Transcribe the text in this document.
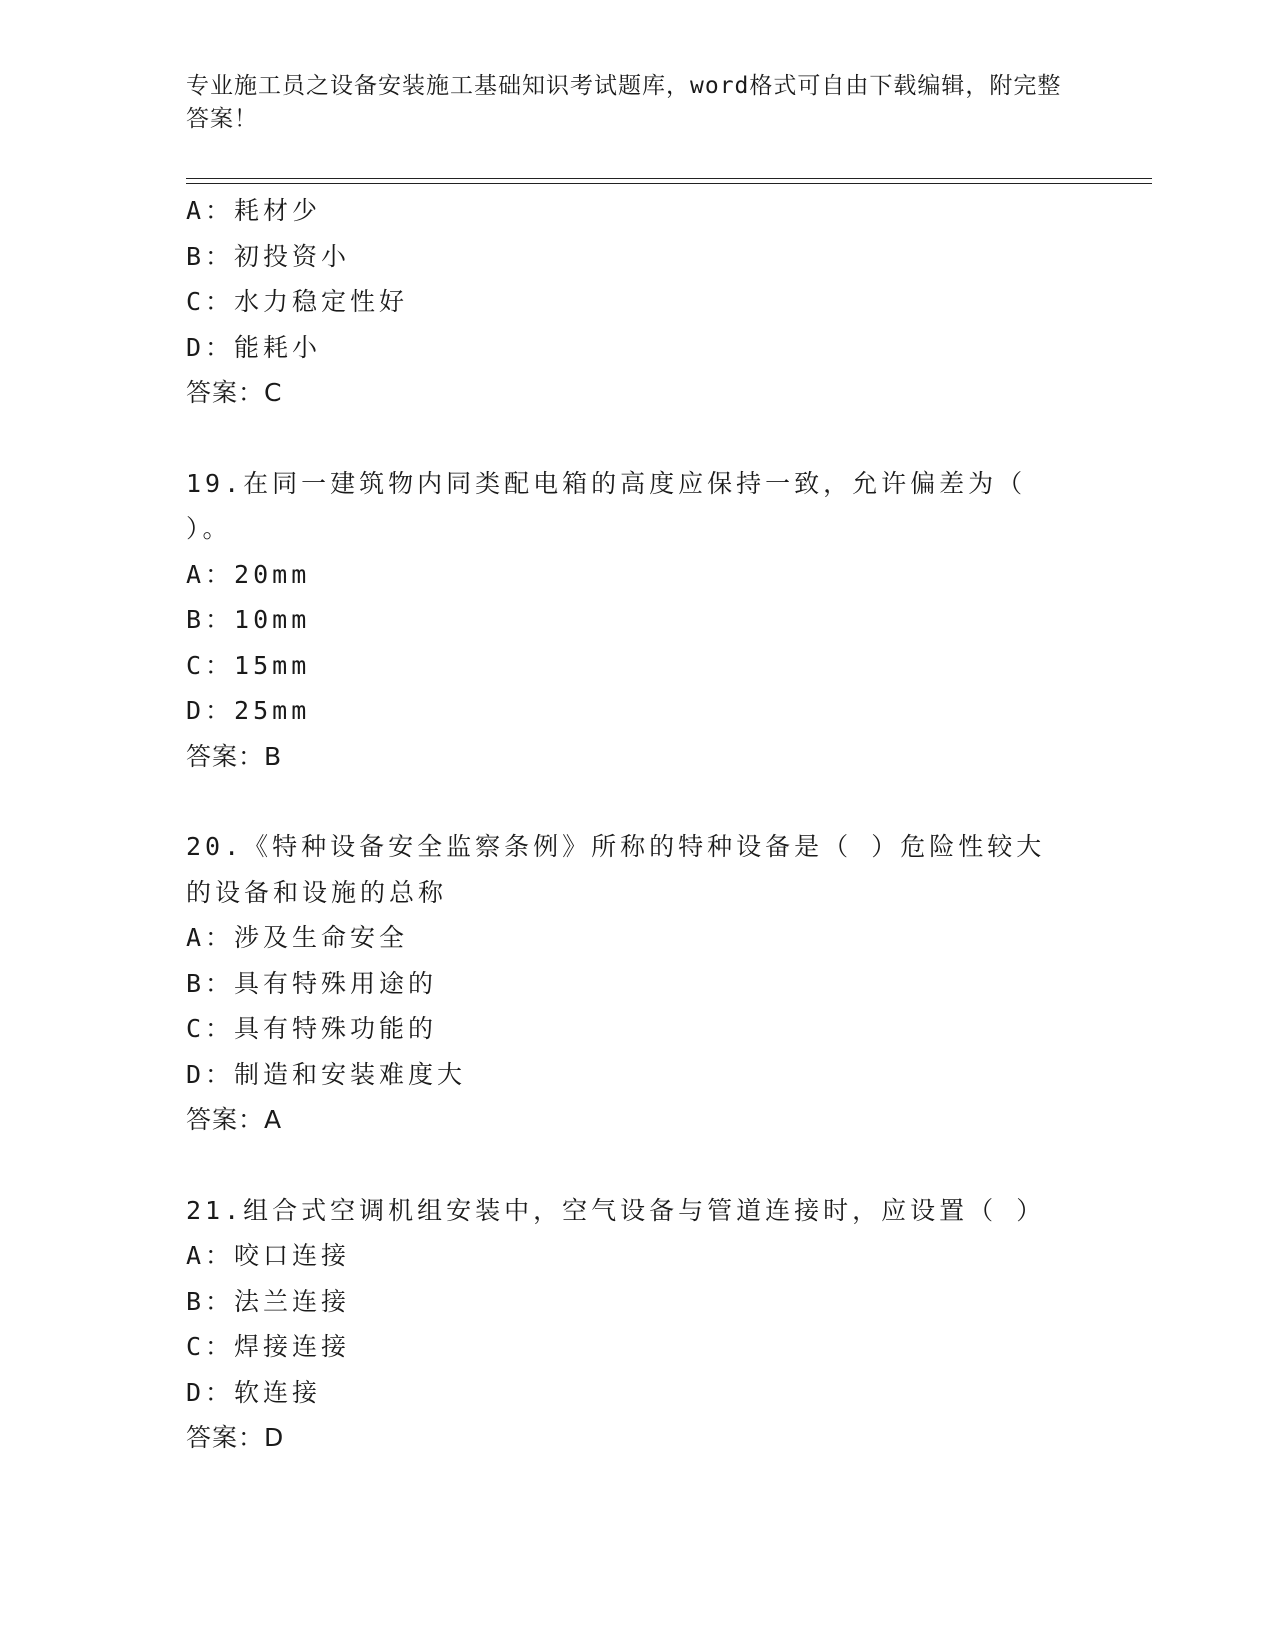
专业施工员之设备安装施工基础知识考试题库，word格式可自由下载编辑，附完整答案！
A：耗材少
B：初投资小
C：水力稳定性好
D：能耗小
答案：C
19.在同一建筑物内同类配电箱的高度应保持一致，允许偏差为（ ）。
A：20mm
B：10mm
C：15mm
D：25mm
答案：B
20.《特种设备安全监察条例》所称的特种设备是（ ）危险性较大的设备和设施的总称
A：涉及生命安全
B：具有特殊用途的
C：具有特殊功能的
D：制造和安装难度大
答案：A
21.组合式空调机组安装中，空气设备与管道连接时，应设置（ ）
A：咬口连接
B：法兰连接
C：焊接连接
D：软连接
答案：D
